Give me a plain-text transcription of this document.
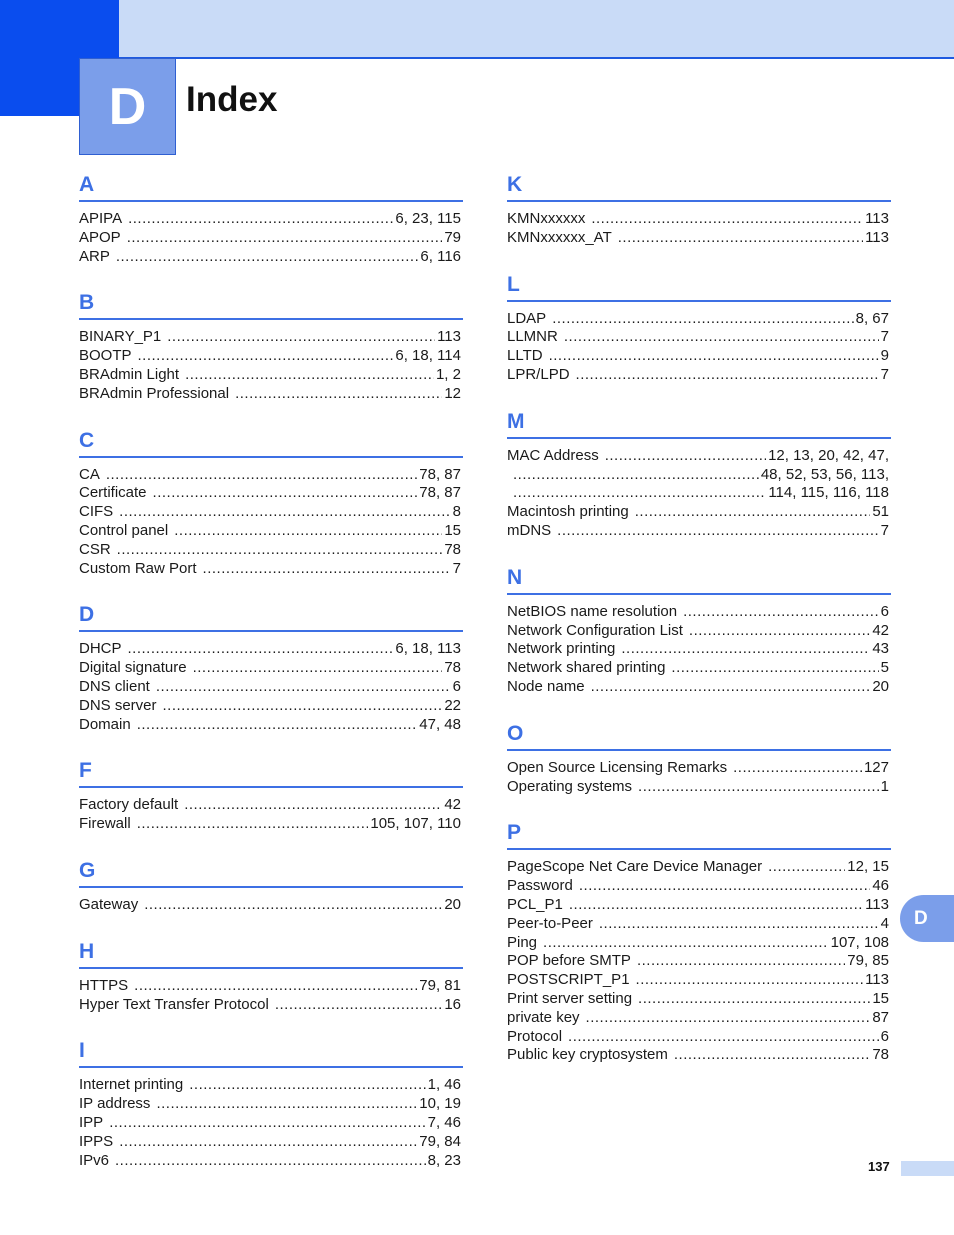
D Index
A
APIPA .....	6, 23, 115
APOP .....	79
ARP .....	6, 116
B
BINARY_P1 .....	113
BOOTP .....	6, 18, 114
BRAdmin Light .....	1, 2
BRAdmin Professional .....	12
C
CA .....	78, 87
Certificate .....	78, 87
CIFS .....	8
Control panel .....	15
CSR .....	78
Custom Raw Port .....	7
D
DHCP .....	6, 18, 113
Digital signature .....	78
DNS client .....	6
DNS server .....	22
Domain .....	47, 48
F
Factory default .....	42
Firewall .....	105, 107, 110
G
Gateway .....	20
H
HTTPS .....	79, 81
Hyper Text Transfer Protocol .....	16
I
Internet printing .....	1, 46
IP address .....	10, 19
IPP .....	7, 46
IPPS .....	79, 84
IPv6 .....	8, 23
K
KMNxxxxxx .....	113
KMNxxxxxx_AT .....	113
L
LDAP .....	8, 67
LLMNR .....	7
LLTD .....	9
LPR/LPD .....	7
M
MAC Address .....	12, 13, 20, 42, 47,
.....
48, 52, 53, 56, 113,
.....
114, 115, 116, 118
Macintosh printing .....	51
mDNS .....	7
N
NetBIOS name resolution .....	6
Network Configuration List .....	42
Network printing .....	43
Network shared printing .....	5
Node name .....	20
O
Open Source Licensing Remarks .....	127
Operating systems .....	1
P
PageScope Net Care Device Manager .....	12, 15
Password .....	46
PCL_P1 .....	113
Peer-to-Peer .....	4
Ping .....	107, 108
POP before SMTP .....	79, 85
POSTSCRIPT_P1 .....	113
Print server setting .....	15
private key .....	87
Protocol .....	6
Public key cryptosystem .....	78
D
137
